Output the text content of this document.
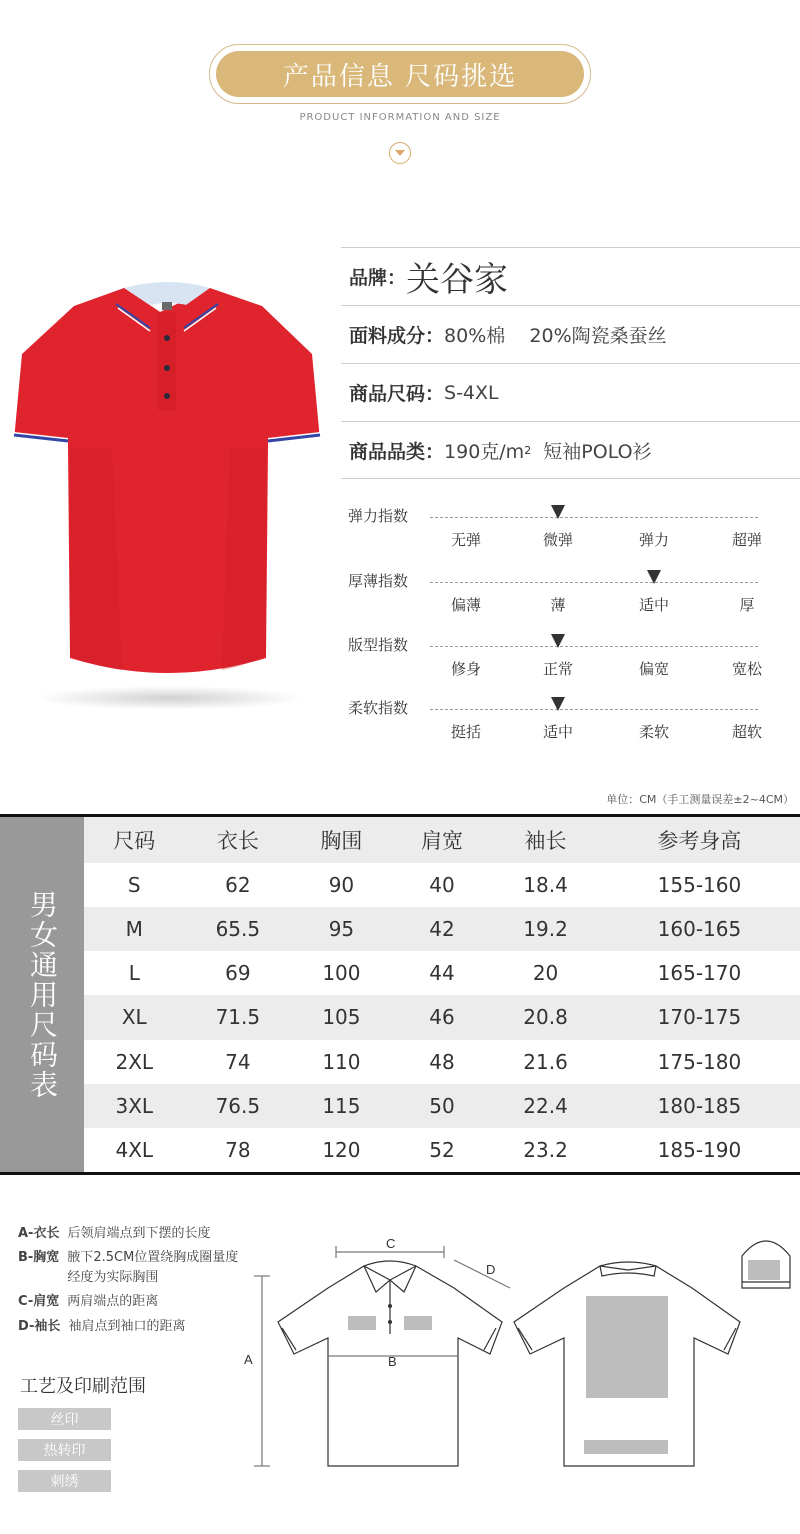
产品信息 尺码挑选
PRODUCT INFORMATION AND SIZE
品牌： 关谷家
面料成分： 80%棉    20%陶瓷桑蚕丝
商品尺码： S-4XL
商品品类： 190克/m 2 短袖POLO衫
弹力指数
无弹	微弹	弹力	超弹
厚薄指数
偏薄	薄	适中	厚
版型指数
修身	正常	偏宽	宽松
柔软指数
挺括	适中	柔软	超软
单位：CM（手工测量误差±2~4CM）
男女通用尺码表
尺码	衣长	胸围	肩宽	袖长	参考身高
S	62	90	40	18.4	155-160
M	65.5	95	42	19.2	160-165
L	69	100	44	20	165-170
XL	71.5	105	46	20.8	170-175
2XL	74	110	48	21.6	175-180
3XL	76.5	115	50	22.4	180-185
4XL	78	120	52	23.2	185-190
A-衣长 后领肩端点到下摆的长度
B-胸宽 腋下2.5CM位置绕胸成圈量度经度为实际胸围
C-肩宽 两肩端点的距离
D-袖长 袖肩点到袖口的距离
工艺及印刷范围
丝印
热转印
刺绣
A	B
C
D
